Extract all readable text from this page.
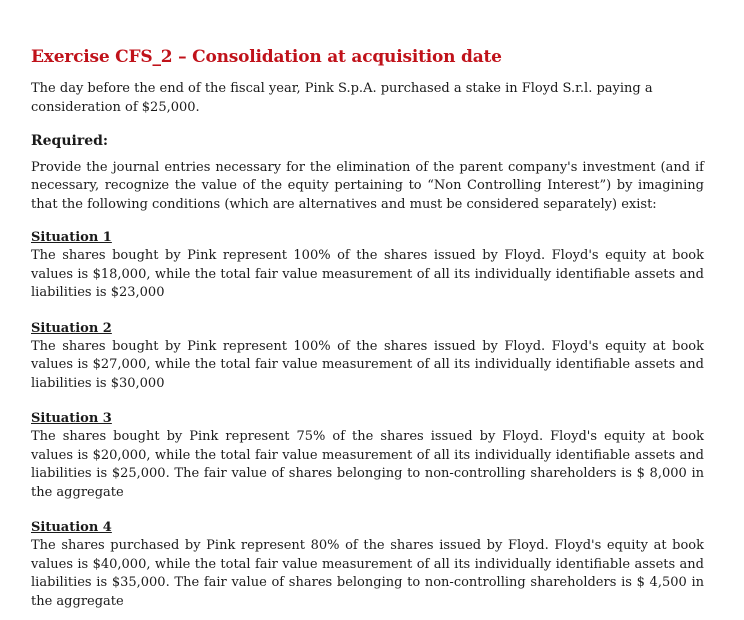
Exercise CFS_2 – Consolidation at acquisition date

The day before the end of the fiscal year, Pink S.p.A. purchased a stake in Floyd S.r.l. paying a consideration of $25,000.

Required:

Provide the journal entries necessary for the elimination of the parent company's investment (and if necessary, recognize the value of the equity pertaining to “Non Controlling Interest”) by imagining that the following conditions (which are alternatives and must be considered separately) exist:

Situation 1

The shares bought by Pink represent 100% of the shares issued by Floyd. Floyd's equity at book values is $18,000, while the total fair value measurement of all its individually identifiable assets and liabilities is $23,000

Situation 2

The shares bought by Pink represent 100% of the shares issued by Floyd. Floyd's equity at book values is $27,000, while the total fair value measurement of all its individually identifiable assets and liabilities is $30,000

Situation 3

The shares bought by Pink represent 75% of the shares issued by Floyd. Floyd's equity at book values is $20,000, while the total fair value measurement of all its individually identifiable assets and liabilities is $25,000. The fair value of shares belonging to non-controlling shareholders is $ 8,000 in the aggregate

Situation 4

The shares purchased by Pink represent 80% of the shares issued by Floyd. Floyd's equity at book values is $40,000, while the total fair value measurement of all its individually identifiable assets and liabilities is $35,000. The fair value of shares belonging to non-controlling shareholders is $ 4,500 in the aggregate
